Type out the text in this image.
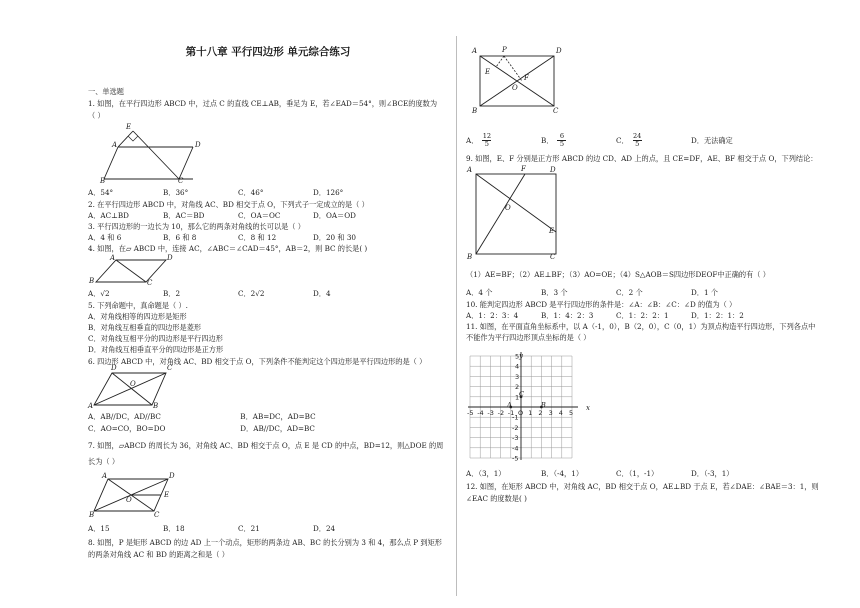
第十八章 平行四边形 单元综合练习
一、单选题
1. 如图，在平行四边形 ABCD 中，过点 C 的直线 CE⊥AB，垂足为 E，若∠EAD＝54°，则∠BCE的度数为
（ ）
E
A	D
B	C
A．54°	B．36°	C．46°	D．126°
2. 在平行四边形 ABCD 中，对角线 AC、BD 相交于点 O，下列式子一定成立的是（ ）
A．AC⊥BD	B．AC＝BD	C．OA＝OC	D．OA＝OD
3. 平行四边形的一边长为 10，那么它的两条对角线的长可以是（ ）
A．4 和 6	B．6 和 8	C．8 和 12	D．20 和 30
4. 如图，在▱ ABCD 中，连接 AC，∠ABC＝∠CAD＝45°，AB＝2，则 BC 的长是( )
A	D
B	C
A．√2	B．2	C．2√2	D．4
5. 下列命题中，真命题是（ ）.
A．对角线相等的四边形是矩形
B．对角线互相垂直的四边形是菱形
C．对角线互相平分的四边形是平行四边形
D．对角线互相垂直平分的四边形是正方形
6. 四边形 ABCD 中，对角线 AC、BD 相交于点 O，下列条件不能判定这个四边形是平行四边形的是（ ）
D	C
O
A	B
A．AB//DC，AD//BC	B．AB=DC，AD=BC
C．AO=CO，BO=DO	D．AB//DC，AD=BC
7. 如图，▱ABCD 的周长为 36，对角线 AC、BD 相交于点 O，点 E 是 CD 的中点，BD=12，则△DOE 的周
长为（ ）
A	D
O
E
B	C
A．15	B．18	C．21	D．24
8. 如图，P 是矩形 ABCD 的边 AD 上一个动点，矩形的两条边 AB、BC 的长分别为 3 和 4，那么点 P 到矩形
的两条对角线 AC 和 BD 的距离之和是（ ）
A	P	D
E
F
O
B	C
A． $\frac{12}{5}$	B． $\frac{6}{5}$	C． $\frac{24}{5}$	D．无法确定
9. 如图，E、F 分别是正方形 ABCD 的边 CD、AD 上的点，且 CE=DF，AE、BF 相交于点 O，下列结论：
A	F	D
O
E
B	C
（1）AE=BF；（2）AE⊥BF；（3）AO=OE；（4）S△AOB＝S四边形DEOF中正确的有（ ）
A．4 个	B．3 个	C．2 个	D．1 个
10. 能判定四边形 ABCD 是平行四边形的条件是：∠A：∠B：∠C：∠D 的值为（ ）
A．1：2：3：4	B．1：4：2：3	C．1：2：2：1	D．1：2：1：2
11. 如图，在平面直角坐标系中，以 A（-1，0），B（2，0），C（0，1）为顶点构造平行四边形，下列各点中
不能作为平行四边形顶点坐标的是（ ）
-5 -4 -3 -2 -1 O 1 2 3 4 5
5
4
3
2
1
-1
-2
-3
-4
-5
y
x
C
A	B
A．（3，1）	B．（-4，1）	C．（1，-1）	D．（-3，1）
12. 如图，在矩形 ABCD 中，对角线 AC，BD 相交于点 O，AE⊥BD 于点 E，若∠DAE：∠BAE＝3：1，则
∠EAC 的度数是( )
